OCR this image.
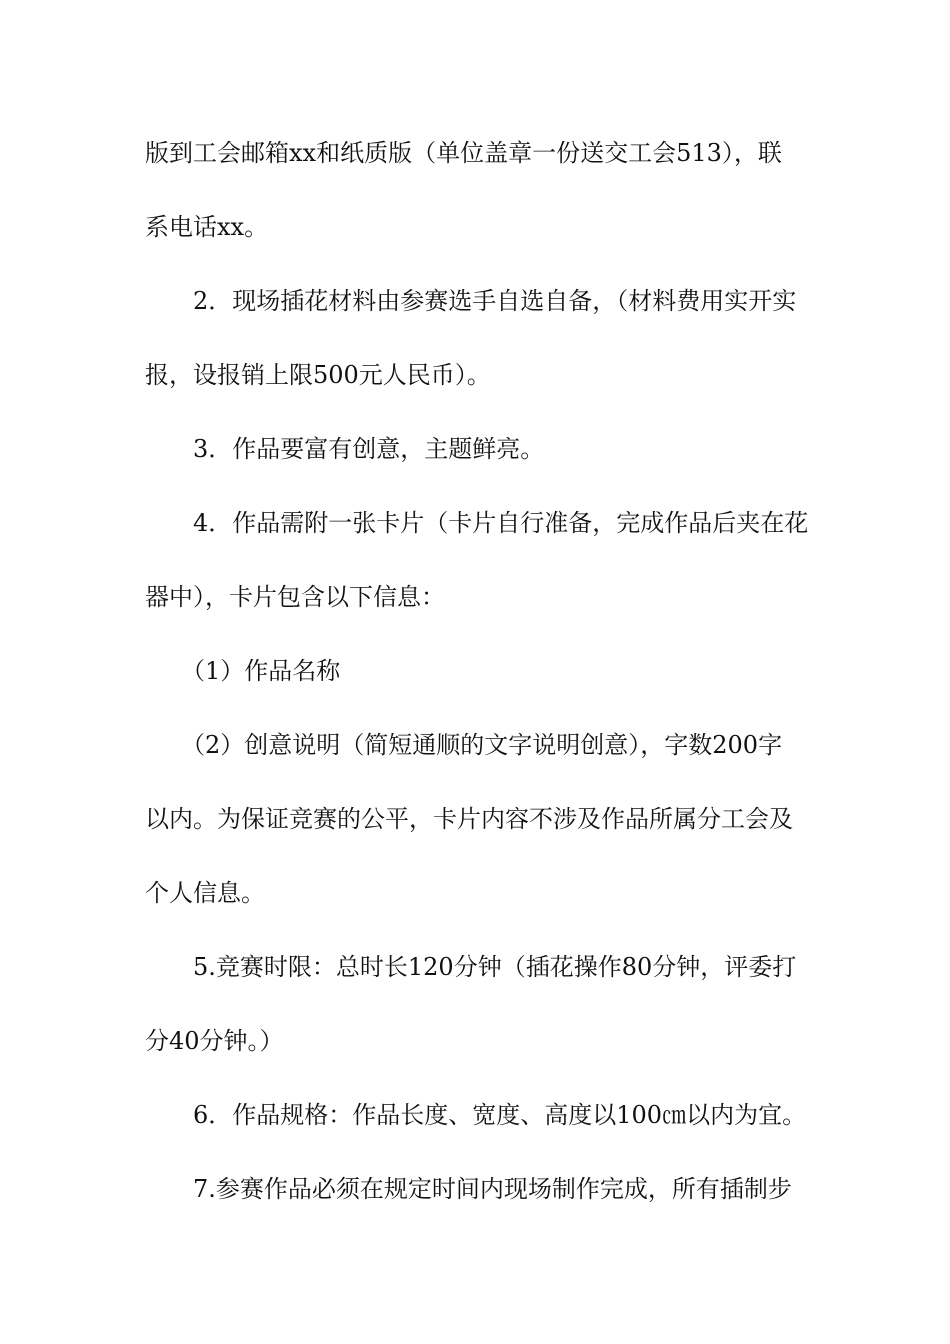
版到工会邮箱xx和纸质版（单位盖章一份送交工会513），联
系电话xx。
2．现场插花材料由参赛选手自选自备，（材料费用实开实
报，设报销上限500元人民币）。
3．作品要富有创意，主题鲜亮。
4．作品需附一张卡片（卡片自行准备，完成作品后夹在花
器中），卡片包含以下信息：
（1）作品名称
（2）创意说明（简短通顺的文字说明创意），字数200字
以内。为保证竞赛的公平，卡片内容不涉及作品所属分工会及
个人信息。
5.竞赛时限：总时长120分钟（插花操作80分钟，评委打
分40分钟。）
6．作品规格：作品长度、宽度、高度以100㎝以内为宜。
7.参赛作品必须在规定时间内现场制作完成，所有插制步
